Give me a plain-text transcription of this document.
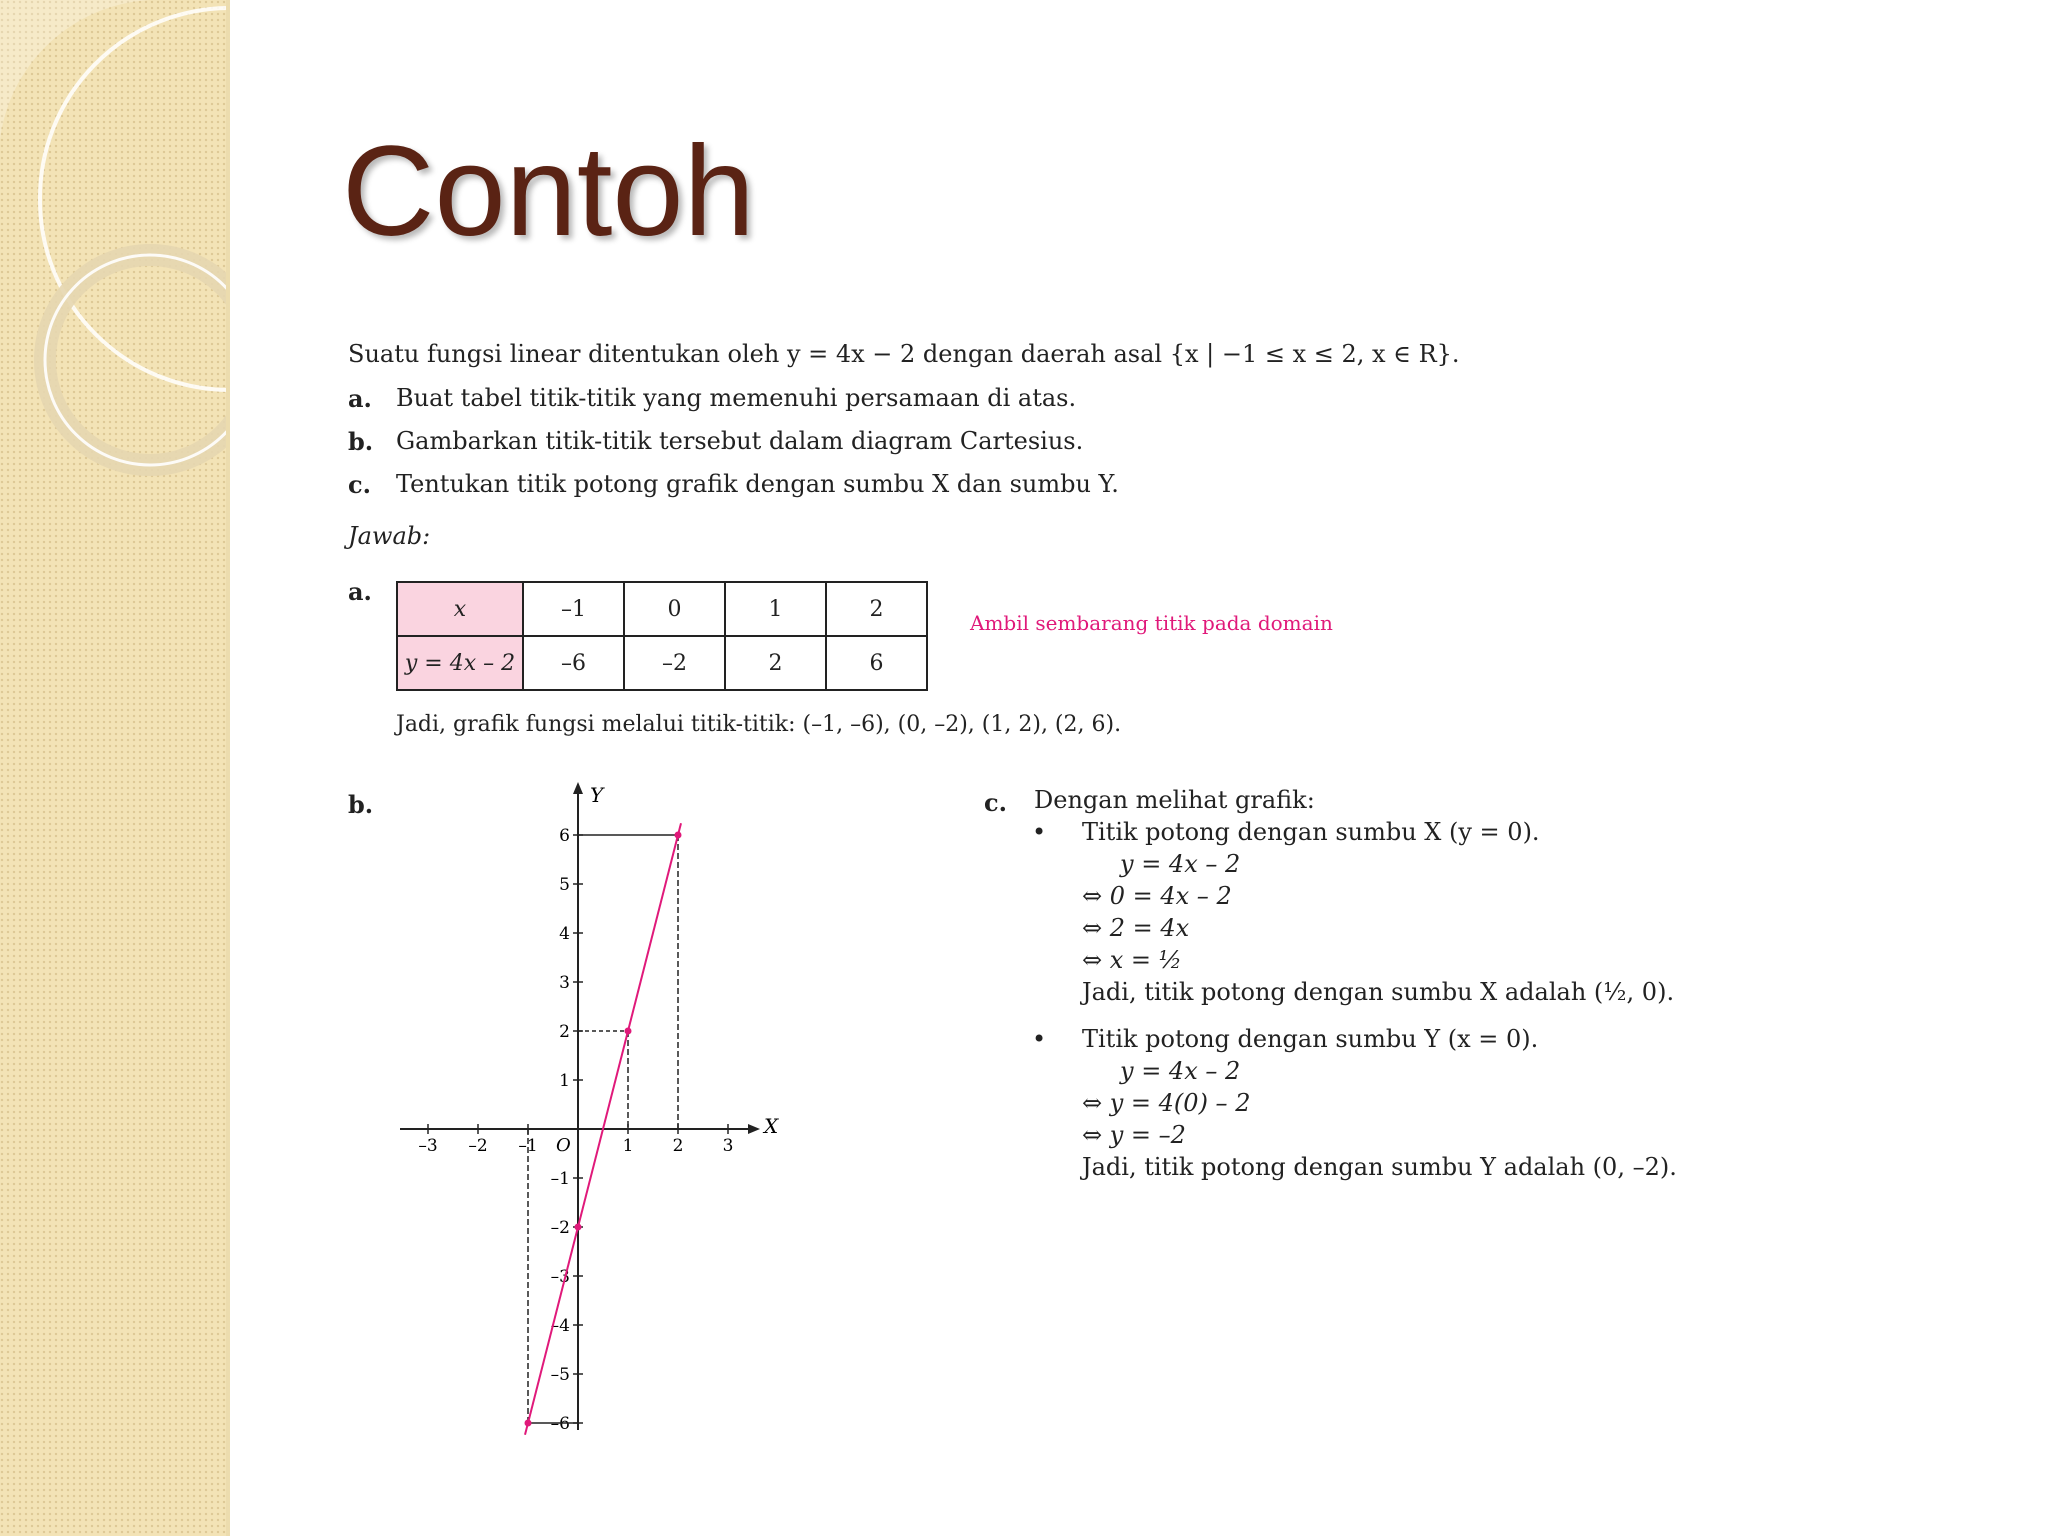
Contoh
Suatu fungsi linear ditentukan oleh y = 4x − 2 dengan daerah asal {x | −1 ≤ x ≤ 2, x ∈ R}.
a. Buat tabel titik-titik yang memenuhi persamaan di atas.
b. Gambarkan titik-titik tersebut dalam diagram Cartesius.
c. Tentukan titik potong grafik dengan sumbu X dan sumbu Y.
Jawab:
a.
x	–1	0	1	2
y = 4x – 2	–6	–2	2	6
Ambil sembarang titik pada domain
Jadi, grafik fungsi melalui titik-titik: (–1, –6), (0, –2), (1, 2), (2, 6).
b.
X
Y
O
–3 –2 –1	1 2 3
6
5
4
3
2
1
–1
–2
–3
–4
–5
–6
c. Dengan melihat grafik:
• Titik potong dengan sumbu X (y = 0).
y = 4x – 2
⇔ 0 = 4x – 2
⇔ 2 = 4x
⇔ x = ½
Jadi, titik potong dengan sumbu X adalah (½, 0).
• Titik potong dengan sumbu Y (x = 0).
y = 4x – 2
⇔ y = 4(0) – 2
⇔ y = –2
Jadi, titik potong dengan sumbu Y adalah (0, –2).
